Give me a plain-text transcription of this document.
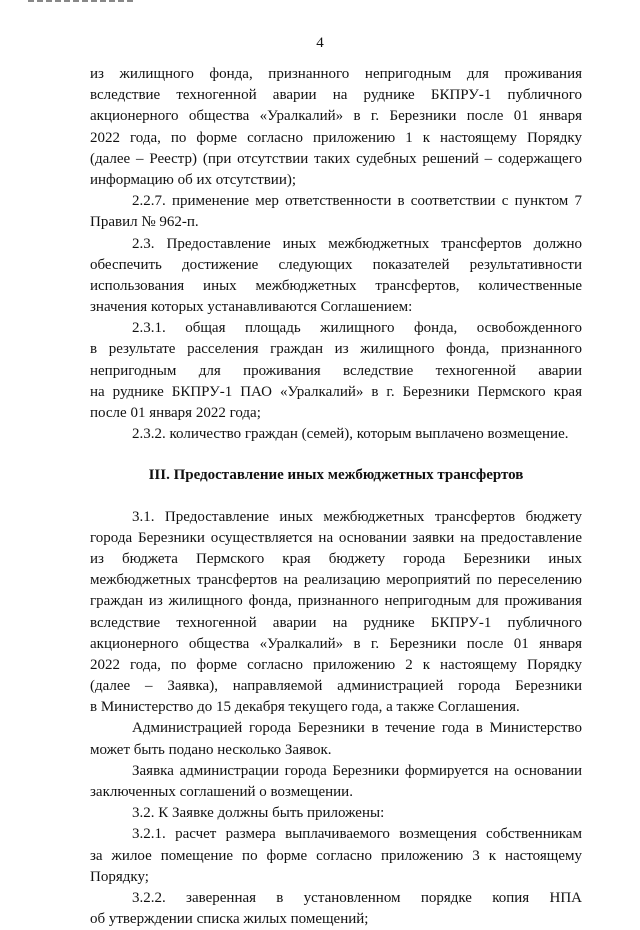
4
из жилищного фонда, признанного непригодным для проживания
вследствие техногенной аварии на руднике БКПРУ-1 публичного
акционерного общества «Уралкалий» в г. Березники после 01 января
2022 года, по форме согласно приложению 1 к настоящему Порядку
(далее – Реестр) (при отсутствии таких судебных решений – содержащего
информацию об их отсутствии);
2.2.7. применение мер ответственности в соответствии с пунктом 7
Правил № 962-п.
2.3. Предоставление иных межбюджетных трансфертов должно
обеспечить достижение следующих показателей результативности
использования иных межбюджетных трансфертов, количественные
значения которых устанавливаются Соглашением:
2.3.1. общая площадь жилищного фонда, освобожденного
в результате расселения граждан из жилищного фонда, признанного
непригодным для проживания вследствие техногенной аварии
на руднике БКПРУ-1 ПАО «Уралкалий» в г. Березники Пермского края
после 01 января 2022 года;
2.3.2. количество граждан (семей), которым выплачено возмещение.
III. Предоставление иных межбюджетных трансфертов
3.1. Предоставление иных межбюджетных трансфертов бюджету
города Березники осуществляется на основании заявки на предоставление
из бюджета Пермского края бюджету города Березники иных
межбюджетных трансфертов на реализацию мероприятий по переселению
граждан из жилищного фонда, признанного непригодным для проживания
вследствие техногенной аварии на руднике БКПРУ-1 публичного
акционерного общества «Уралкалий» в г. Березники после 01 января
2022 года, по форме согласно приложению 2 к настоящему Порядку
(далее – Заявка), направляемой администрацией города Березники
в Министерство до 15 декабря текущего года, а также Соглашения.
Администрацией города Березники в течение года в Министерство
может быть подано несколько Заявок.
Заявка администрации города Березники формируется на основании
заключенных соглашений о возмещении.
3.2. К Заявке должны быть приложены:
3.2.1. расчет размера выплачиваемого возмещения собственникам
за жилое помещение по форме согласно приложению 3 к настоящему
Порядку;
3.2.2. заверенная в установленном порядке копия НПА
об утверждении списка жилых помещений;
